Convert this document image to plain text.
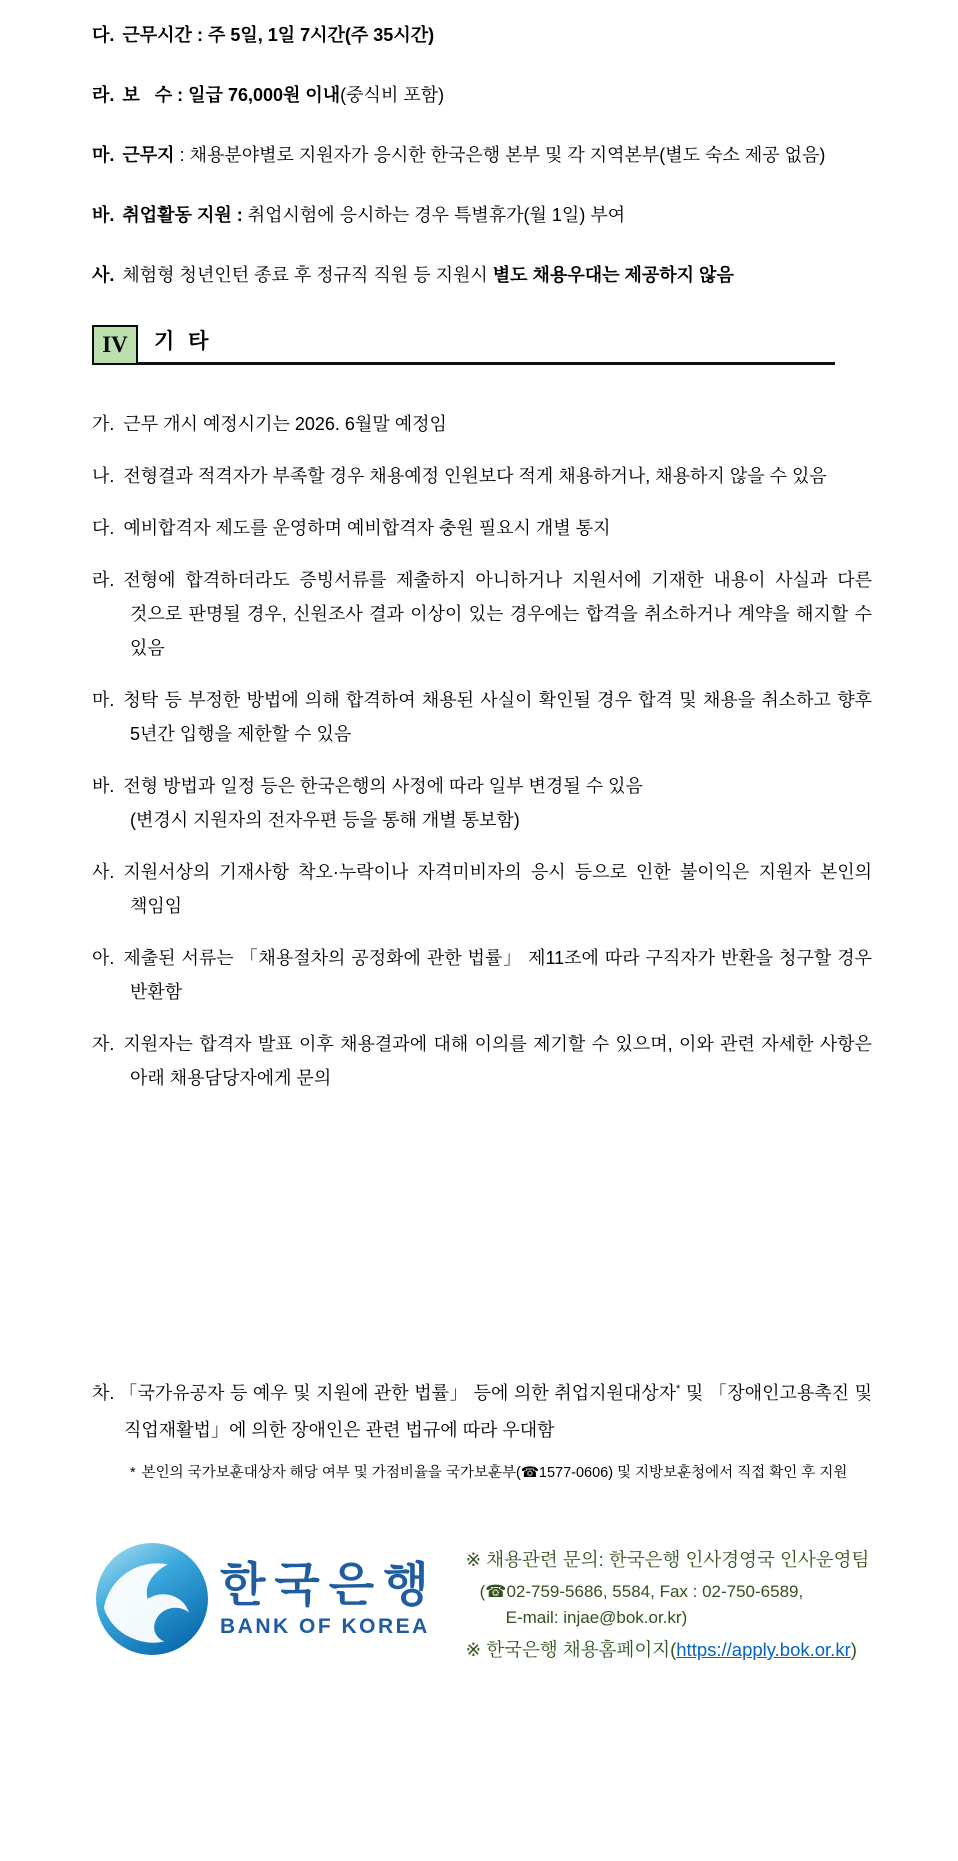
다. 근무시간 : 주 5일, 1일 7시간(주 35시간)

라. 보   수 : 일급 76,000원 이내(중식비 포함)

마. 근무지 : 채용분야별로 지원자가 응시한 한국은행 본부 및 각 지역본부(별도 숙소 제공 없음)

바. 취업활동 지원 : 취업시험에 응시하는 경우 특별휴가(월 1일) 부여

사. 체험형 청년인턴 종료 후 정규직 직원 등 지원시 별도 채용우대는 제공하지 않음

IV	기 타

가. 근무 개시 예정시기는 2026. 6월말 예정임

나. 전형결과 적격자가 부족할 경우 채용예정 인원보다 적게 채용하거나, 채용하지 않을 수 있음

다. 예비합격자 제도를 운영하며 예비합격자 충원 필요시 개별 통지

라. 전형에 합격하더라도 증빙서류를 제출하지 아니하거나 지원서에 기재한 내용이 사실과 다른 것으로 판명될 경우, 신원조사 결과 이상이 있는 경우에는 합격을 취소하거나 계약을 해지할 수 있음

마. 청탁 등 부정한 방법에 의해 합격하여 채용된 사실이 확인될 경우 합격 및 채용을 취소하고 향후 5년간 입행을 제한할 수 있음

바. 전형 방법과 일정 등은 한국은행의 사정에 따라 일부 변경될 수 있음
(변경시 지원자의 전자우편 등을 통해 개별 통보함)

사. 지원서상의 기재사항 착오·누락이나 자격미비자의 응시 등으로 인한 불이익은 지원자 본인의 책임임

아. 제출된 서류는 「채용절차의 공정화에 관한 법률」 제11조에 따라 구직자가 반환을 청구할 경우 반환함

자. 지원자는 합격자 발표 이후 채용결과에 대해 이의를 제기할 수 있으며, 이와 관련 자세한 사항은 아래 채용담당자에게 문의

차. 「국가유공자 등 예우 및 지원에 관한 법률」 등에 의한 취업지원대상자* 및 「장애인고용촉진 및 직업재활법」에 의한 장애인은 관련 법규에 따라 우대함

* 본인의 국가보훈대상자 해당 여부 및 가점비율을 국가보훈부(☎1577-0606) 및 지방보훈청에서 직접 확인 후 지원

한국은행
BANK OF KOREA
※ 채용관련 문의: 한국은행 인사경영국 인사운영팀
(☎02-759-5686, 5584, Fax : 02-750-6589,
E-mail: injae@bok.or.kr)
※ 한국은행 채용홈페이지(https://apply.bok.or.kr)
